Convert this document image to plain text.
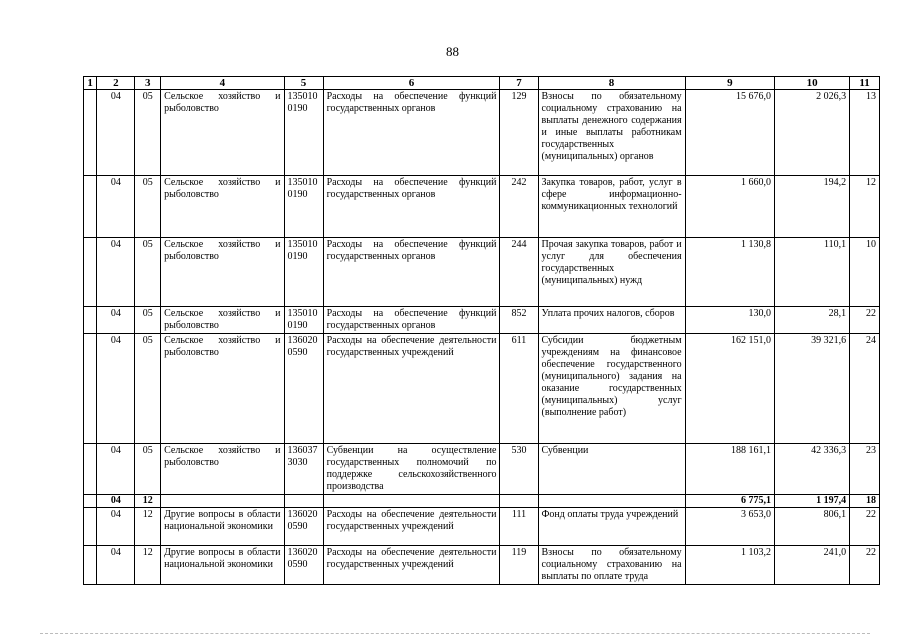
88
1	2	3	4	5	6	7	8	9	10	11
	04	05	Сельское хозяйство и рыболовство	135010 0190	Расходы на обеспечение функций государственных органов	129	Взносы по обязательному социальному страхованию на выплаты денежного содержания и иные выплаты работникам государственных (муниципальных) органов	15 676,0	2 026,3	13
	04	05	Сельское хозяйство и рыболовство	135010 0190	Расходы на обеспечение функций государственных органов	242	Закупка товаров, работ, услуг в сфере информационно-коммуникационных технологий	1 660,0	194,2	12
	04	05	Сельское хозяйство и рыболовство	135010 0190	Расходы на обеспечение функций государственных органов	244	Прочая закупка товаров, работ и услуг для обеспечения государственных (муниципальных) нужд	1 130,8	110,1	10
	04	05	Сельское хозяйство и рыболовство	135010 0190	Расходы на обеспечение функций государственных органов	852	Уплата прочих налогов, сборов	130,0	28,1	22
	04	05	Сельское хозяйство и рыболовство	136020 0590	Расходы на обеспечение деятельности государственных учреждений	611	Субсидии бюджетным учреждениям на финансовое обеспечение государственного (муниципального) задания на оказание государственных (муниципальных) услуг (выполнение работ)	162 151,0	39 321,6	24
	04	05	Сельское хозяйство и рыболовство	136037 3030	Субвенции на осуществление государственных полномочий по поддержке сельскохозяйственного производства	530	Субвенции	188 161,1	42 336,3	23
	04	12						6 775,1	1 197,4	18
	04	12	Другие вопросы в области национальной экономики	136020 0590	Расходы на обеспечение деятельности государственных учреждений	111	Фонд оплаты труда учреждений	3 653,0	806,1	22
	04	12	Другие вопросы в области национальной экономики	136020 0590	Расходы на обеспечение деятельности государственных учреждений	119	Взносы по обязательному социальному страхованию на выплаты по оплате труда	1 103,2	241,0	22
